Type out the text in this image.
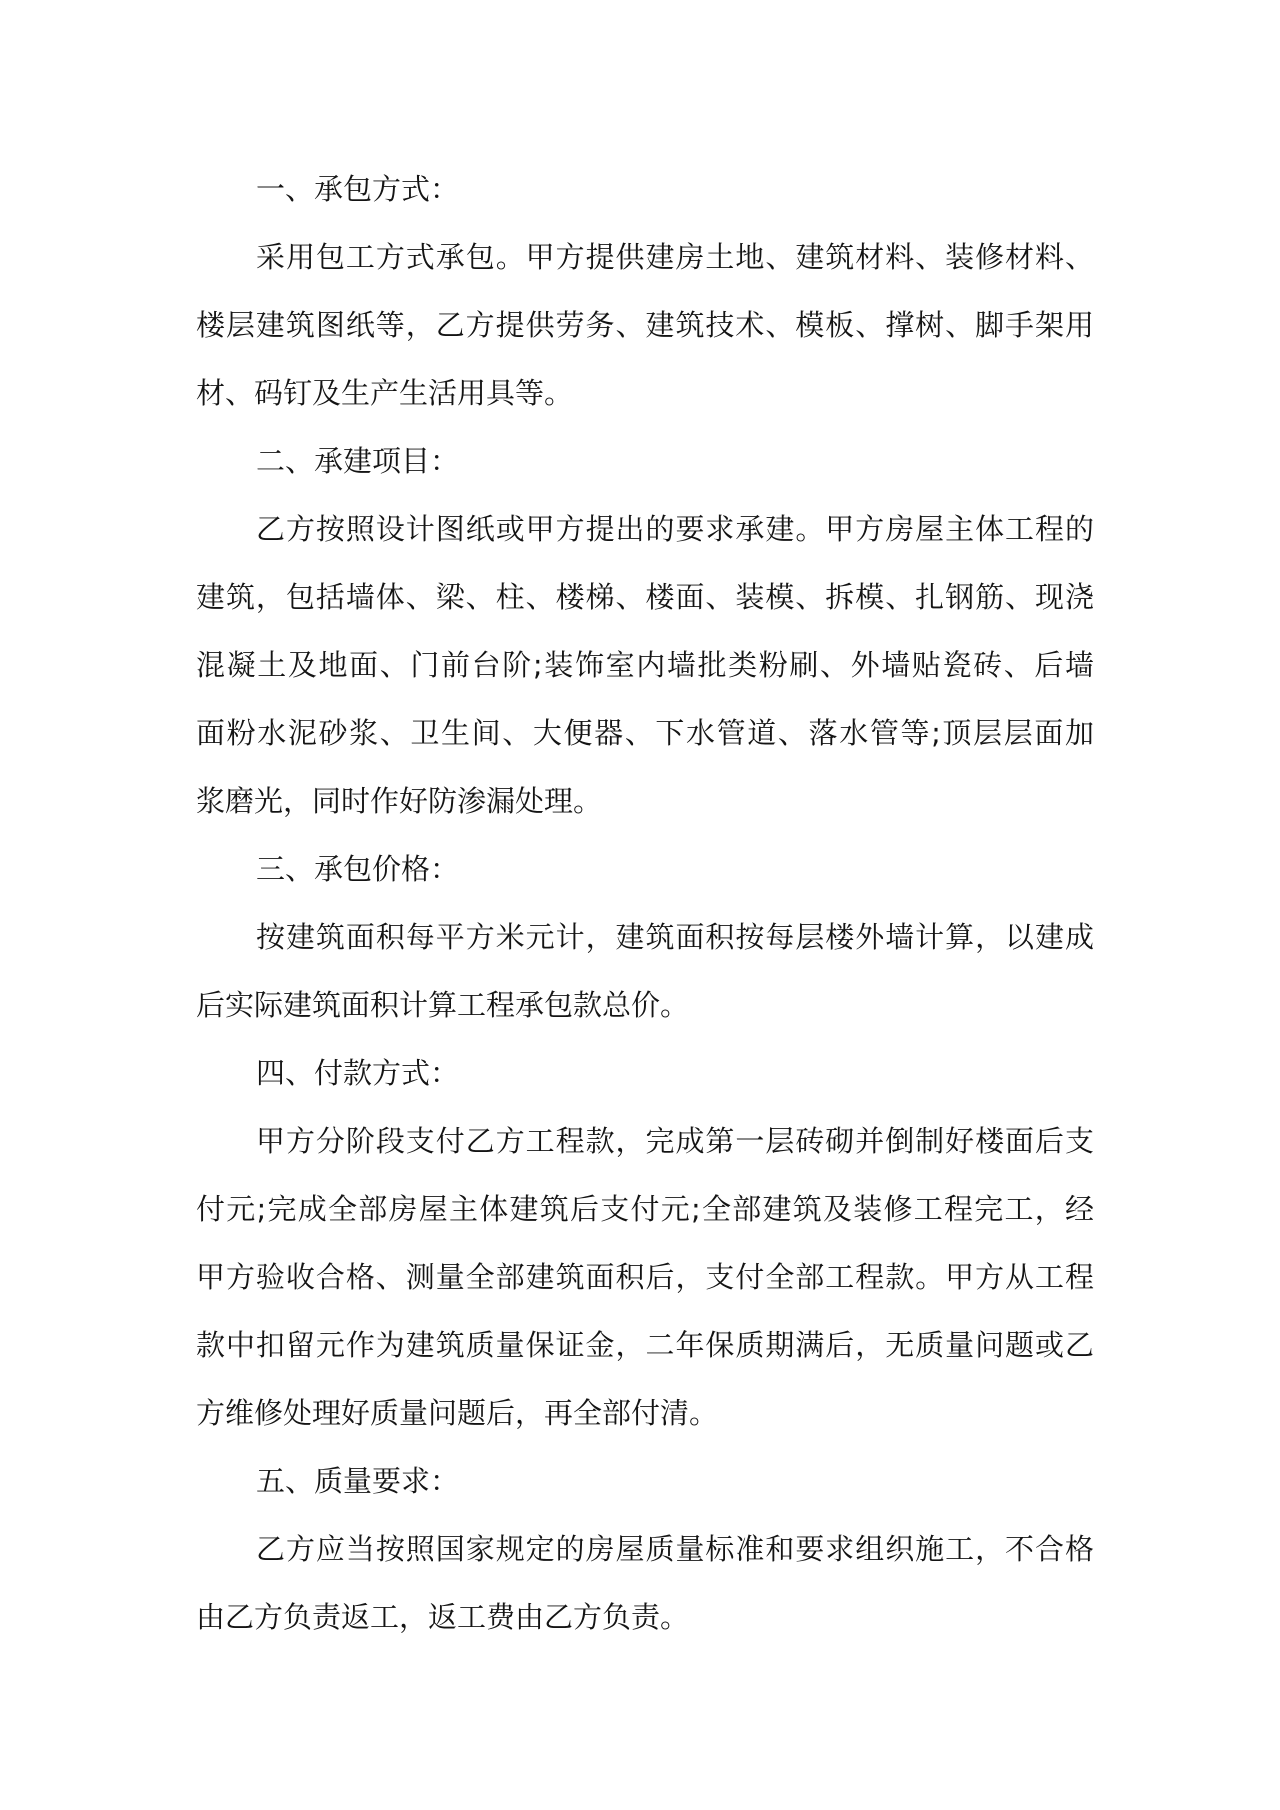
一、承包方式：
采用包工方式承包。甲方提供建房土地、建筑材料、装修材料、
楼层建筑图纸等，乙方提供劳务、建筑技术、模板、撑树、脚手架用
材、码钉及生产生活用具等。
二、承建项目：
乙方按照设计图纸或甲方提出的要求承建。甲方房屋主体工程的
建筑，包括墙体、梁、柱、楼梯、楼面、装模、拆模、扎钢筋、现浇
混凝土及地面、门前台阶;装饰室内墙批类粉刷、外墙贴瓷砖、后墙
面粉水泥砂浆、卫生间、大便器、下水管道、落水管等;顶层层面加
浆磨光，同时作好防渗漏处理。
三、承包价格：
按建筑面积每平方米元计，建筑面积按每层楼外墙计算，以建成
后实际建筑面积计算工程承包款总价。
四、付款方式：
甲方分阶段支付乙方工程款，完成第一层砖砌并倒制好楼面后支
付元;完成全部房屋主体建筑后支付元;全部建筑及装修工程完工，经
甲方验收合格、测量全部建筑面积后，支付全部工程款。甲方从工程
款中扣留元作为建筑质量保证金，二年保质期满后，无质量问题或乙
方维修处理好质量问题后，再全部付清。
五、质量要求：
乙方应当按照国家规定的房屋质量标准和要求组织施工，不合格
由乙方负责返工，返工费由乙方负责。
